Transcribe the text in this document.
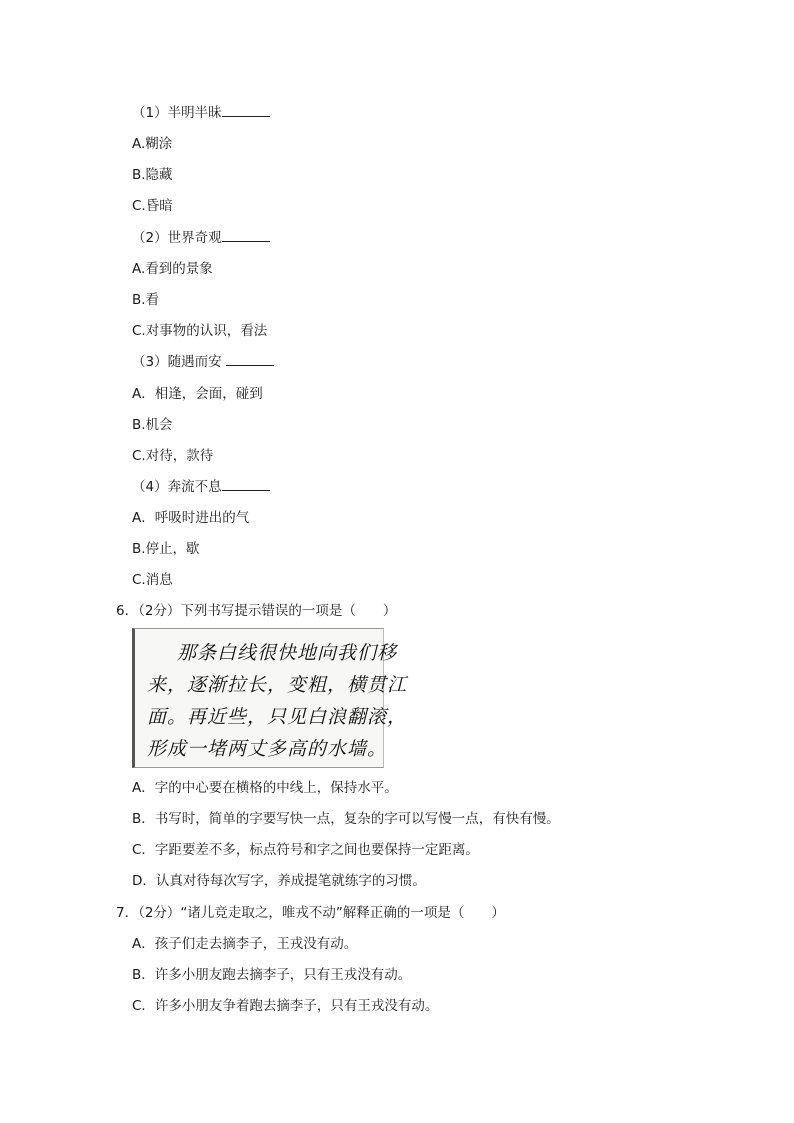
（1）半明半昧
A.糊涂
B.隐藏
C.昏暗
（2）世界奇观
A.看到的景象
B.看
C.对事物的认识，看法
（3）随遇而安
A．相逢，会面，碰到
B.机会
C.对待，款待
（4）奔流不息
A．呼吸时进出的气
B.停止，歇
C.消息
6．（2分）下列书写提示错误的一项是（　　）
那条白线很快地向我们移
来，逐渐拉长，变粗，横贯江
面。再近些，只见白浪翻滚，
形成一堵两丈多高的水墙。
A．字的中心要在横格的中线上，保持水平。
B．书写时，简单的字要写快一点，复杂的字可以写慢一点，有快有慢。
C．字距要差不多，标点符号和字之间也要保持一定距离。
D．认真对待每次写字，养成提笔就练字的习惯。
7．（2分）“诸儿竞走取之，唯戎不动”解释正确的一项是（　　）
A．孩子们走去摘李子，王戎没有动。
B．许多小朋友跑去摘李子，只有王戎没有动。
C．许多小朋友争着跑去摘李子，只有王戎没有动。
